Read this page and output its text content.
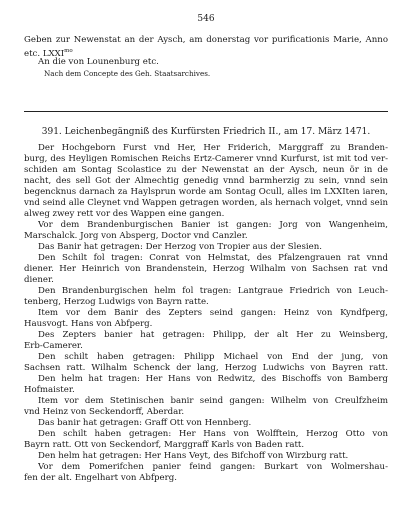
546
Geben zur Newenstat an der Aysch, am donerstag vor purificationis Marie, Anno
etc. $LXXI^{mo}$
An die von Lounenburg etc.
Nach dem Concepte des Geh. Staatsarchives.
391. Leichenbegängniß des Kurfürsten Friedrich II., am 17. März 1471.
Der Hochgeborn Furst vnd Her, Her Friderich, Marggraff zu Branden-
burg, des Heyligen Romischen Reichs Ertz-Camerer vnnd Kurfurst, ist mit tod ver-
schiden am Sontag Scolastice zu der Newenstat an der Aysch, neun ör in de
nacht, des sell Got der Almechtig genedig vnnd barmherzig zu sein, vnnd sein
begencknus darnach za Haylsprun worde am Sontag Ocull, alles im LXXIten iaren,
vnd seind alle Cleynet vnd Wappen getragen worden, als hernach volget, vnnd sein
alweg zwey rett vor des Wappen eine gangen.
Vor dem Brandenburgischen Banier ist gangen: Jorg von Wangenheim,
Marschalck. Jorg von Absperg, Doctor vnd Canzler.
Das Banir hat getragen: Der Herzog von Tropier aus der Slesien.
Den Schilt fol tragen: Conrat von Helmstat, des Pfalzengrauen rat vnnd
diener. Her Heinrich von Brandenstein, Herzog Wilhalm von Sachsen rat vnd
diener.
Den Brandenburgischen helm fol tragen: Lantgraue Friedrich von Leuch-
tenberg, Herzog Ludwigs von Bayrn ratte.
Item vor dem Banir des Zepters seind gangen: Heinz von Kyndfperg,
Hausvogt. Hans von Abfperg.
Des Zepters banier hat getragen: Philipp, der alt Her zu Weinsberg,
Erb-Camerer.
Den schilt haben getragen: Philipp Michael von End der jung, von
Sachsen ratt. Wilhalm Schenck der lang, Herzog Ludwichs von Bayren ratt.
Den helm hat tragen: Her Hans von Redwitz, des Bischoffs von Bamberg
Hofmaister.
Item vor dem Stetinischen banir seind gangen: Wilhelm von Creulfzheim
vnd Heinz von Seckendorff, Aberdar.
Das banir hat getragen: Graff Ott von Hennberg.
Den schilt haben getragen: Her Hans von Wolfftein, Herzog Otto von
Bayrn ratt. Ott von Seckendorf, Marggraff Karls von Baden ratt.
Den helm hat getragen: Her Hans Veyt, des Bifchoff von Wirzburg ratt.
Vor dem Pomerifchen panier feind gangen: Burkart von Wolmershau-
fen der alt. Engelhart von Abfperg.
